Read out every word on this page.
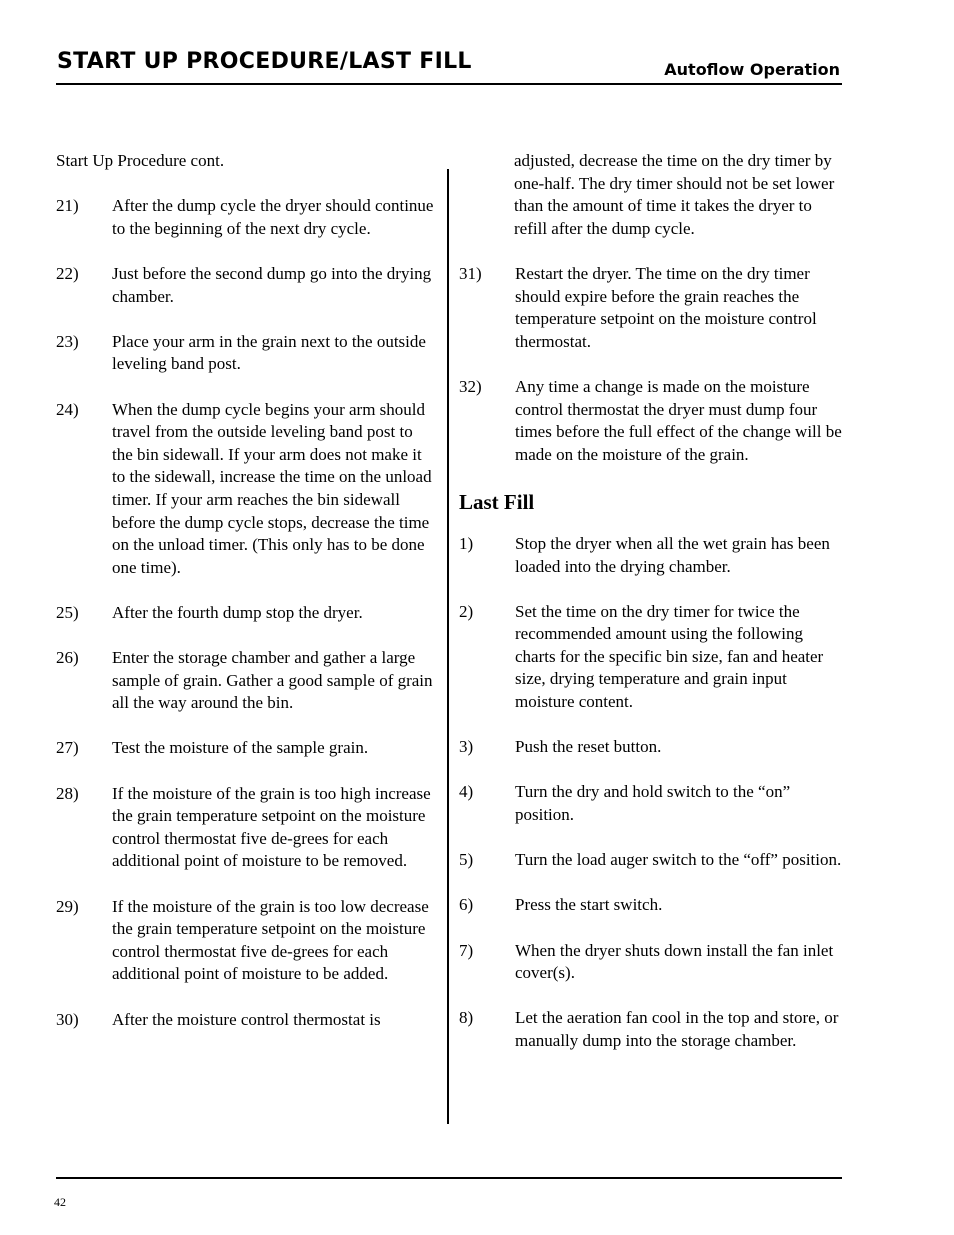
START UP PROCEDURE/LAST FILL	Autoflow Operation

Start Up Procedure cont.

21)	After the dump cycle the dryer should continue to the beginning of the next dry cycle.
22)	Just before the second dump go into the drying chamber.
23)	Place your arm in the grain next to the outside leveling band post.
24)	When the dump cycle begins your arm should travel from the outside leveling band post to the bin sidewall. If your arm does not make it to the sidewall, increase the time on the unload timer. If your arm reaches the bin sidewall before the dump cycle stops, decrease the time on the unload timer. (This only has to be done one time).
25)	After the fourth dump stop the dryer.
26)	Enter the storage chamber and gather a large sample of grain. Gather a good sample of grain all the way around the bin.
27)	Test the moisture of the sample grain.
28)	If the moisture of the grain is too high increase the grain temperature setpoint on the moisture control thermostat five de-grees for each additional point of moisture to be removed.
29)	If the moisture of the grain is too low decrease the grain temperature setpoint on the moisture control thermostat five de-grees for each additional point of moisture to be added.
30)	After the moisture control thermostat is

adjusted, decrease the time on the dry timer by one-half. The dry timer should not be set lower than the amount of time it takes the dryer to refill after the dump cycle.

31)	Restart the dryer. The time on the dry timer should expire before the grain reaches the temperature setpoint on the moisture control thermostat.
32)	Any time a change is made on the moisture control thermostat the dryer must dump four times before the full effect of the change will be made on the moisture of the grain.
Last Fill
1)	Stop the dryer when all the wet grain has been loaded into the drying chamber.
2)	Set the time on the dry timer for twice the recommended amount using the following charts for the specific bin size, fan and heater size, drying temperature and grain input moisture content.
3)	Push the reset button.
4)	Turn the dry and hold switch to the “on” position.
5)	Turn the load auger switch to the “off” position.
6)	Press the start switch.
7)	When the dryer shuts down install the fan inlet cover(s).
8)	Let the aeration fan cool in the top and store, or manually dump into the storage chamber.
42
